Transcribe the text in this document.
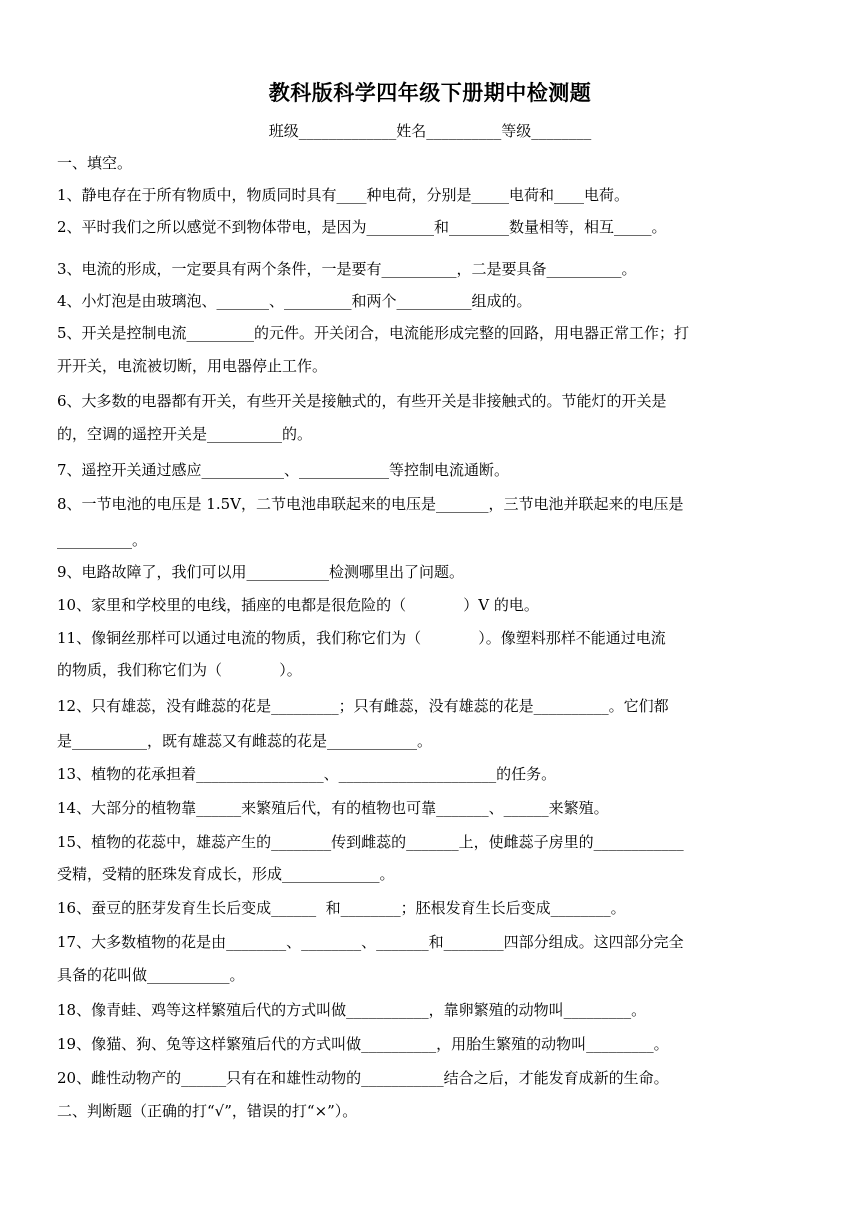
教科版科学四年级下册期中检测题
班级_____________姓名__________等级________
一、填空。
1、静电存在于所有物质中，物质同时具有____种电荷，分别是_____电荷和____电荷。
2、平时我们之所以感觉不到物体带电，是因为_________和________数量相等，相互_____。
3、电流的形成，一定要具有两个条件，一是要有__________，二是要具备__________。
4、小灯泡是由玻璃泡、_______、_________和两个__________组成的。
5、开关是控制电流_________的元件。开关闭合，电流能形成完整的回路，用电器正常工作；打
开开关，电流被切断，用电器停止工作。
6、大多数的电器都有开关，有些开关是接触式的，有些开关是非接触式的。节能灯的开关是
的，空调的遥控开关是__________的。
7、遥控开关通过感应___________、____________等控制电流通断。
8、一节电池的电压是 1.5V，二节电池串联起来的电压是_______，三节电池并联起来的电压是
__________。
9、电路故障了，我们可以用___________检测哪里出了问题。
10、家里和学校里的电线，插座的电都是很危险的（            ）V 的电。
11、像铜丝那样可以通过电流的物质，我们称它们为（            ）。像塑料那样不能通过电流
的物质，我们称它们为（            ）。
12、只有雄蕊，没有雌蕊的花是_________；只有雌蕊，没有雄蕊的花是__________。它们都
是__________，既有雄蕊又有雌蕊的花是____________。
13、植物的花承担着_________________、_____________________的任务。
14、大部分的植物靠______来繁殖后代，有的植物也可靠_______、______来繁殖。
15、植物的花蕊中，雄蕊产生的________传到雌蕊的_______上，使雌蕊子房里的____________
受精，受精的胚珠发育成长，形成_____________。
16、蚕豆的胚芽发育生长后变成______  和________；胚根发育生长后变成________。
17、大多数植物的花是由________、________、_______和________四部分组成。这四部分完全
具备的花叫做___________。
18、像青蛙、鸡等这样繁殖后代的方式叫做___________，靠卵繁殖的动物叫_________。
19、像猫、狗、兔等这样繁殖后代的方式叫做__________，用胎生繁殖的动物叫_________。
20、雌性动物产的______只有在和雄性动物的___________结合之后，才能发育成新的生命。
二、判断题（正确的打“√”，错误的打“×”）。
